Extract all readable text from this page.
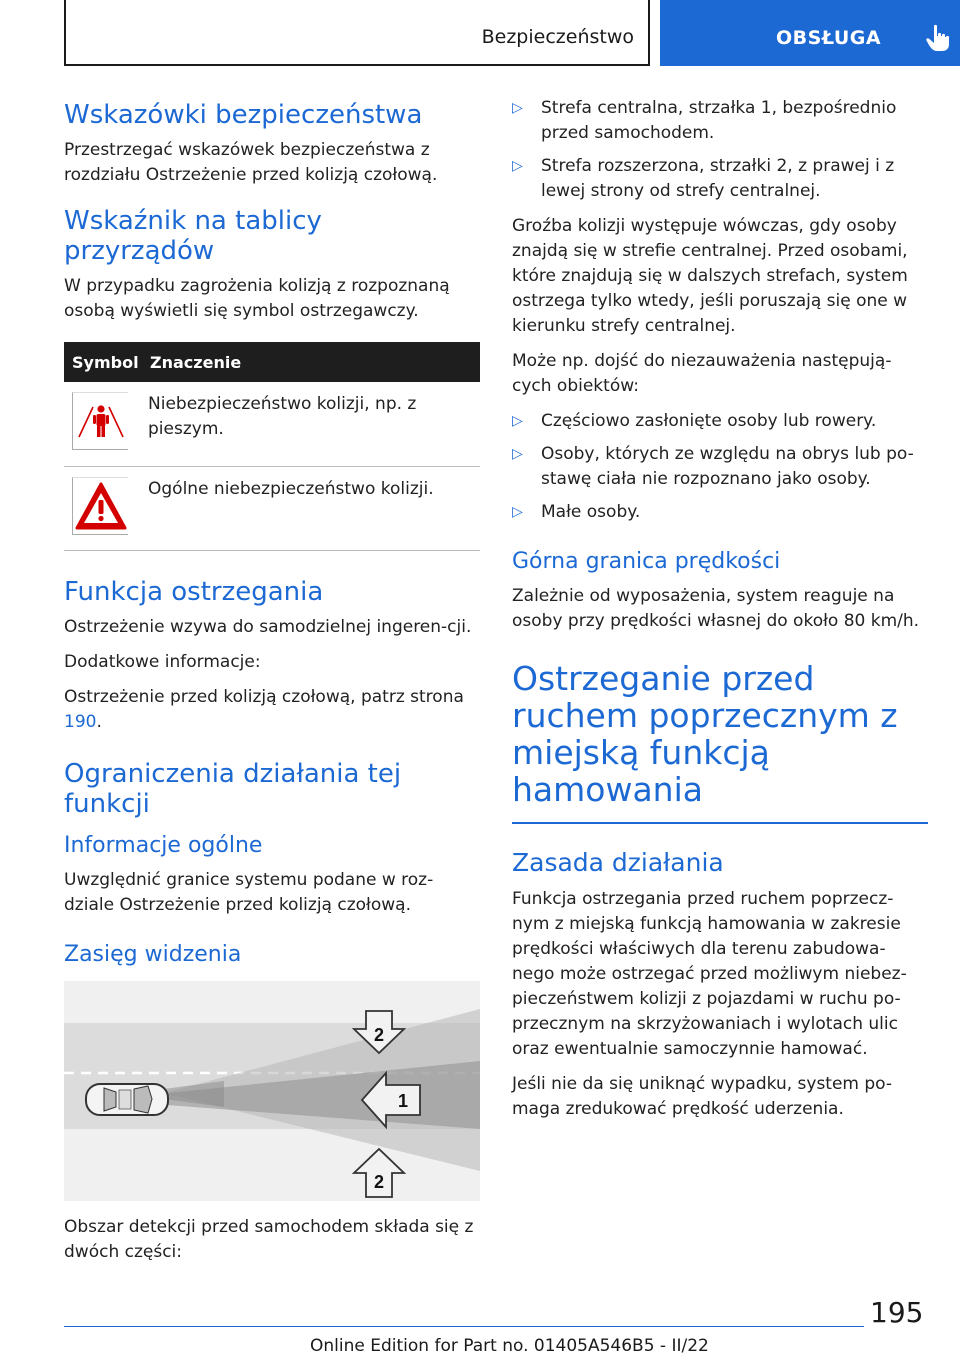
Bezpieczeństwo	OBSŁUGA
Wskazówki bezpieczeństwa

Przestrzegać wskazówek bezpieczeństwa z rozdziału Ostrzeżenie przed kolizją czołową.

Wskaźnik na tablicy przyrządów

W przypadku zagrożenia kolizją z rozpoznaną osobą wyświetli się symbol ostrzegawczy.

Symbol	Znaczenie

	Niebezpieczeństwo kolizji, np. z pieszym.

	Ogólne niebezpieczeństwo kolizji.
Funkcja ostrzegania

Ostrzeżenie wzywa do samodzielnej ingeren-cji.

Dodatkowe informacje:

Ostrzeżenie przed kolizją czołową, patrz strona 190.

Ograniczenia działania tej funkcji
Informacje ogólne

Uwzględnić granice systemu podane w roz-dziale Ostrzeżenie przed kolizją czołową.

Zasięg widzenia
2
1
2

Obszar detekcji przed samochodem składa się z dwóch części:

▷ Strefa centralna, strzałka 1, bezpośrednio przed samochodem.
▷ Strefa rozszerzona, strzałki 2, z prawej i z lewej strony od strefy centralnej.

Groźba kolizji występuje wówczas, gdy osoby znajdą się w strefie centralnej. Przed osobami, które znajdują się w dalszych strefach, system ostrzega tylko wtedy, jeśli poruszają się one w kierunku strefy centralnej.

Może np. dojść do niezauważenia następują-cych obiektów:

▷ Częściowo zasłonięte osoby lub rowery.
▷ Osoby, których ze względu na obrys lub po-stawę ciała nie rozpoznano jako osoby.
▷ Małe osoby.
Górna granica prędkości

Zależnie od wyposażenia, system reaguje na osoby przy prędkości własnej do około 80 km/h.

Ostrzeganie przed ruchem poprzecznym z miejską funkcją hamowania
Zasada działania

Funkcja ostrzegania przed ruchem poprzecz-nym z miejską funkcją hamowania w zakresie prędkości właściwych dla terenu zabudowa-nego może ostrzegać przed możliwym niebez-pieczeństwem kolizji z pojazdami w ruchu po-przecznym na skrzyżowaniach i wylotach ulic oraz ewentualnie samoczynnie hamować.

Jeśli nie da się uniknąć wypadku, system po-maga zredukować prędkość uderzenia.

195
Online Edition for Part no. 01405A546B5 - II/22
